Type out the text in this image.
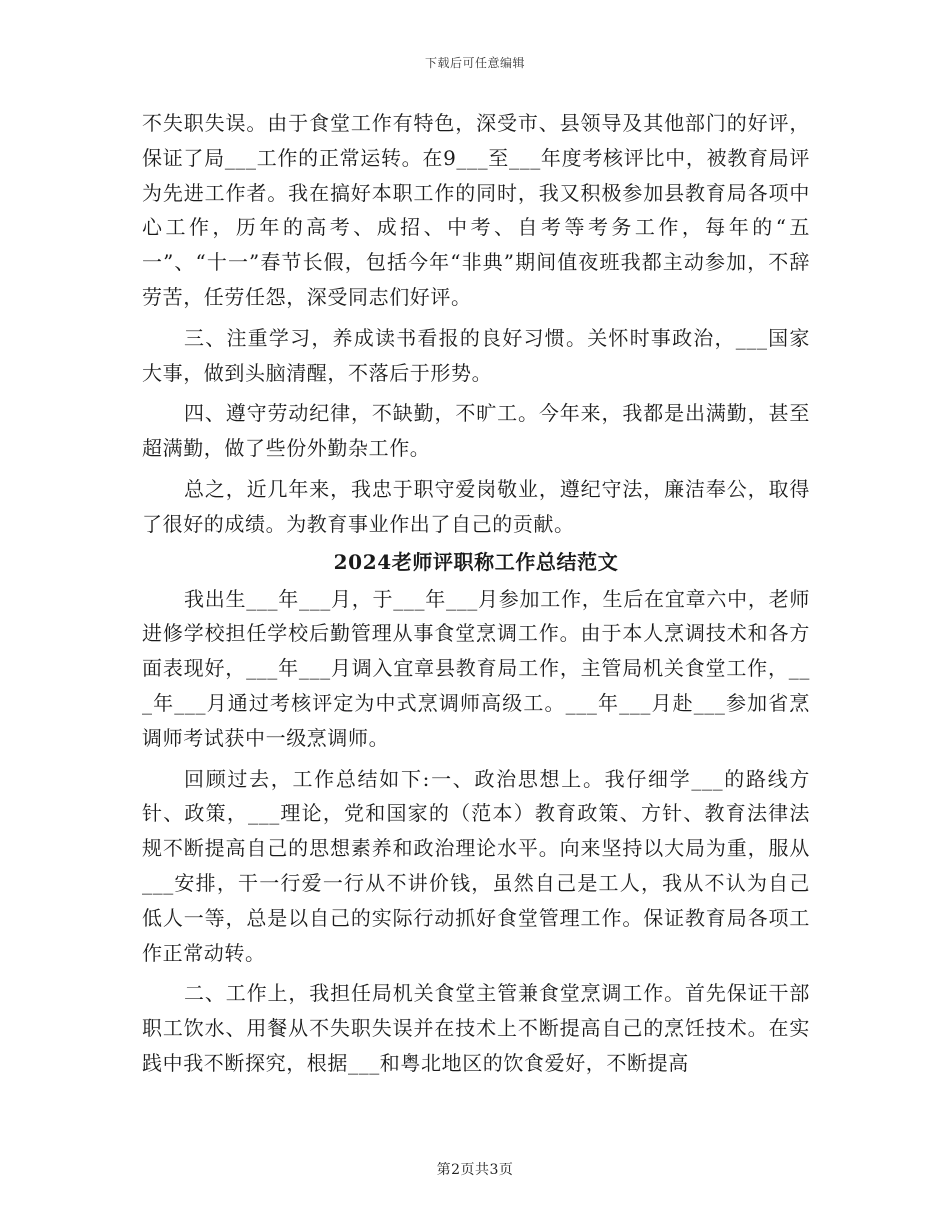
下载后可任意编辑

不失职失误。由于食堂工作有特色，深受市、县领导及其他部门的好评，保证了局___工作的正常运转。在9___至___年度考核评比中，被教育局评为先进工作者。我在搞好本职工作的同时，我又积极参加县教育局各项中心工作，历年的高考、成招、中考、自考等考务工作，每年的“五一”、“十一”春节长假，包括今年“非典”期间值夜班我都主动参加，不辞劳苦，任劳任怨，深受同志们好评。

三、注重学习，养成读书看报的良好习惯。关怀时事政治，___国家大事，做到头脑清醒，不落后于形势。

四、遵守劳动纪律，不缺勤，不旷工。今年来，我都是出满勤，甚至超满勤，做了些份外勤杂工作。

总之，近几年来，我忠于职守爱岗敬业，遵纪守法，廉洁奉公，取得了很好的成绩。为教育事业作出了自己的贡献。

2024老师评职称工作总结范文

我出生___年___月，于___年___月参加工作，生后在宜章六中，老师进修学校担任学校后勤管理从事食堂烹调工作。由于本人烹调技术和各方面表现好，___年___月调入宜章县教育局工作，主管局机关食堂工作，___年___月通过考核评定为中式烹调师高级工。___年___月赴___参加省烹调师考试获中一级烹调师。

回顾过去，工作总结如下:一、政治思想上。我仔细学___的路线方针、政策，___理论，党和国家的（范本）教育政策、方针、教育法律法规不断提高自己的思想素养和政治理论水平。向来坚持以大局为重，服从___安排，干一行爱一行从不讲价钱，虽然自己是工人，我从不认为自己低人一等，总是以自己的实际行动抓好食堂管理工作。保证教育局各项工作正常动转。

二、工作上，我担任局机关食堂主管兼食堂烹调工作。首先保证干部职工饮水、用餐从不失职失误并在技术上不断提高自己的烹饪技术。在实践中我不断探究，根据___和粤北地区的饮食爱好，不断提高

第2页共3页
